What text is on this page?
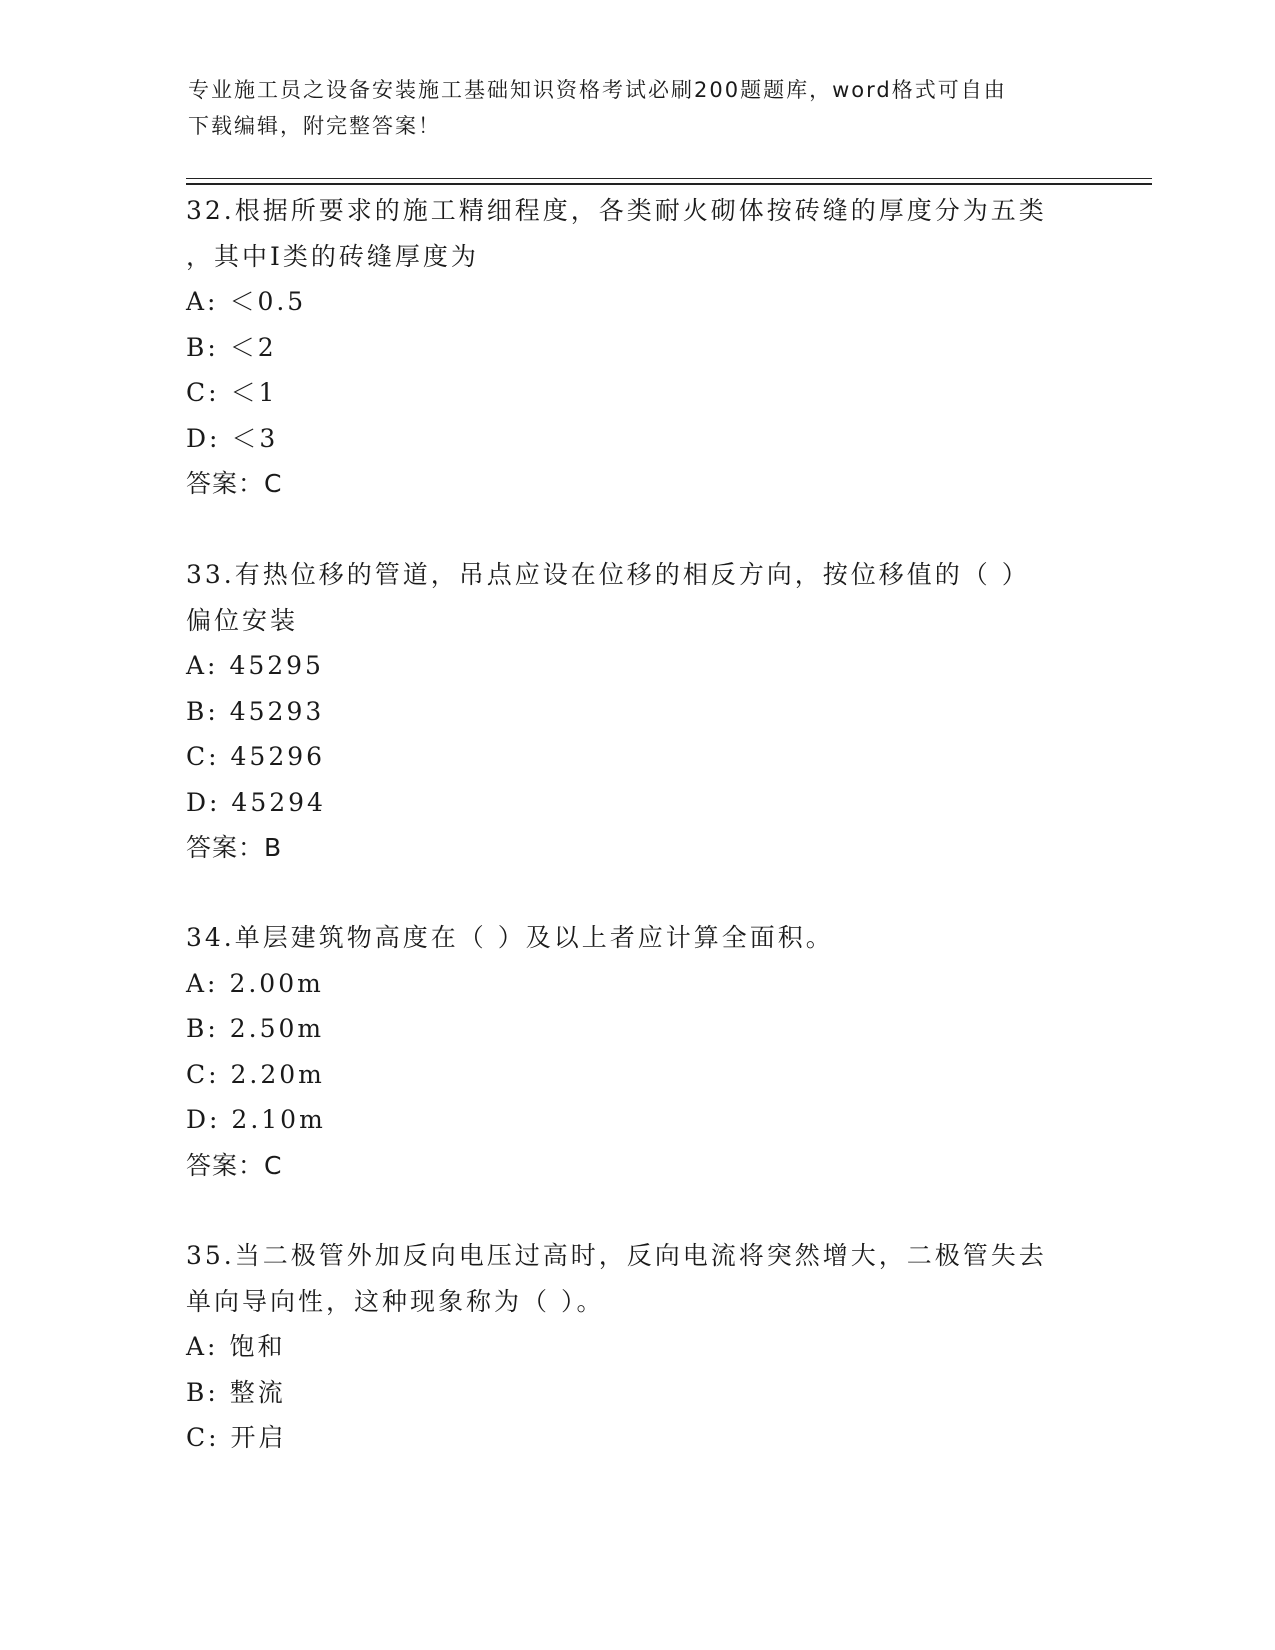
专业施工员之设备安装施工基础知识资格考试必刷200题题库，word格式可自由
下载编辑，附完整答案！
32.根据所要求的施工精细程度，各类耐火砌体按砖缝的厚度分为五类
，其中Ⅰ类的砖缝厚度为
A: ＜0.5
B: ＜2
C: ＜1
D: ＜3
答案：C
33.有热位移的管道，吊点应设在位移的相反方向，按位移值的（ ）
偏位安装
A: 45295
B: 45293
C: 45296
D: 45294
答案：B
34.单层建筑物高度在（ ）及以上者应计算全面积。
A: 2.00m
B: 2.50m
C: 2.20m
D: 2.10m
答案：C
35.当二极管外加反向电压过高时，反向电流将突然增大，二极管失去
单向导向性，这种现象称为（ ）。
A: 饱和
B: 整流
C: 开启
